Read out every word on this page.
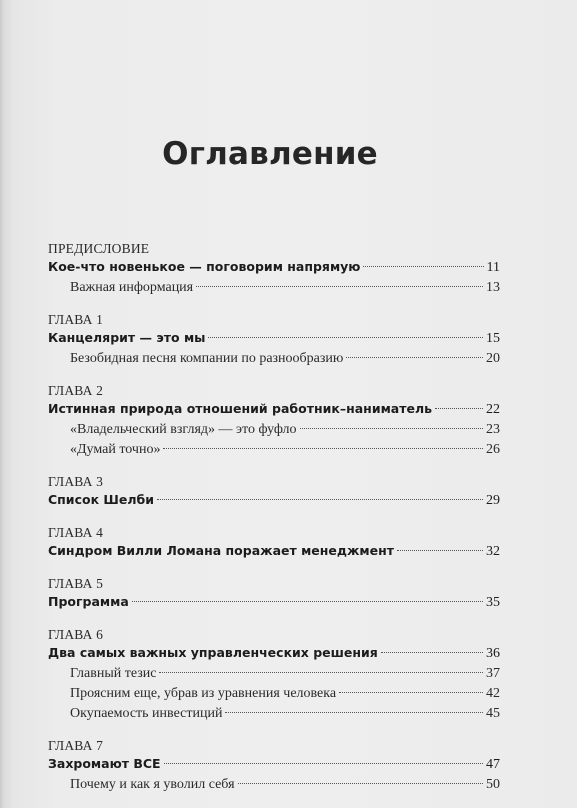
Оглавление
ПРЕДИСЛОВИЕ
Кое-что новенькое — поговорим напрямую	11
Важная информация	13
ГЛАВА 1
Канцелярит — это мы	15
Безобидная песня компании по разнообразию	20
ГЛАВА 2
Истинная природа отношений работник–наниматель	22
«Владельческий взгляд» — это фуфло	23
«Думай точно»	26
ГЛАВА 3
Список Шелби	29
ГЛАВА 4
Синдром Вилли Ломана поражает менеджмент	32
ГЛАВА 5
Программа	35
ГЛАВА 6
Два самых важных управленческих решения	36
Главный тезис	37
Проясним еще, убрав из уравнения человека	42
Окупаемость инвестиций	45
ГЛАВА 7
Захромают ВСЕ	47
Почему и как я уволил себя	50
